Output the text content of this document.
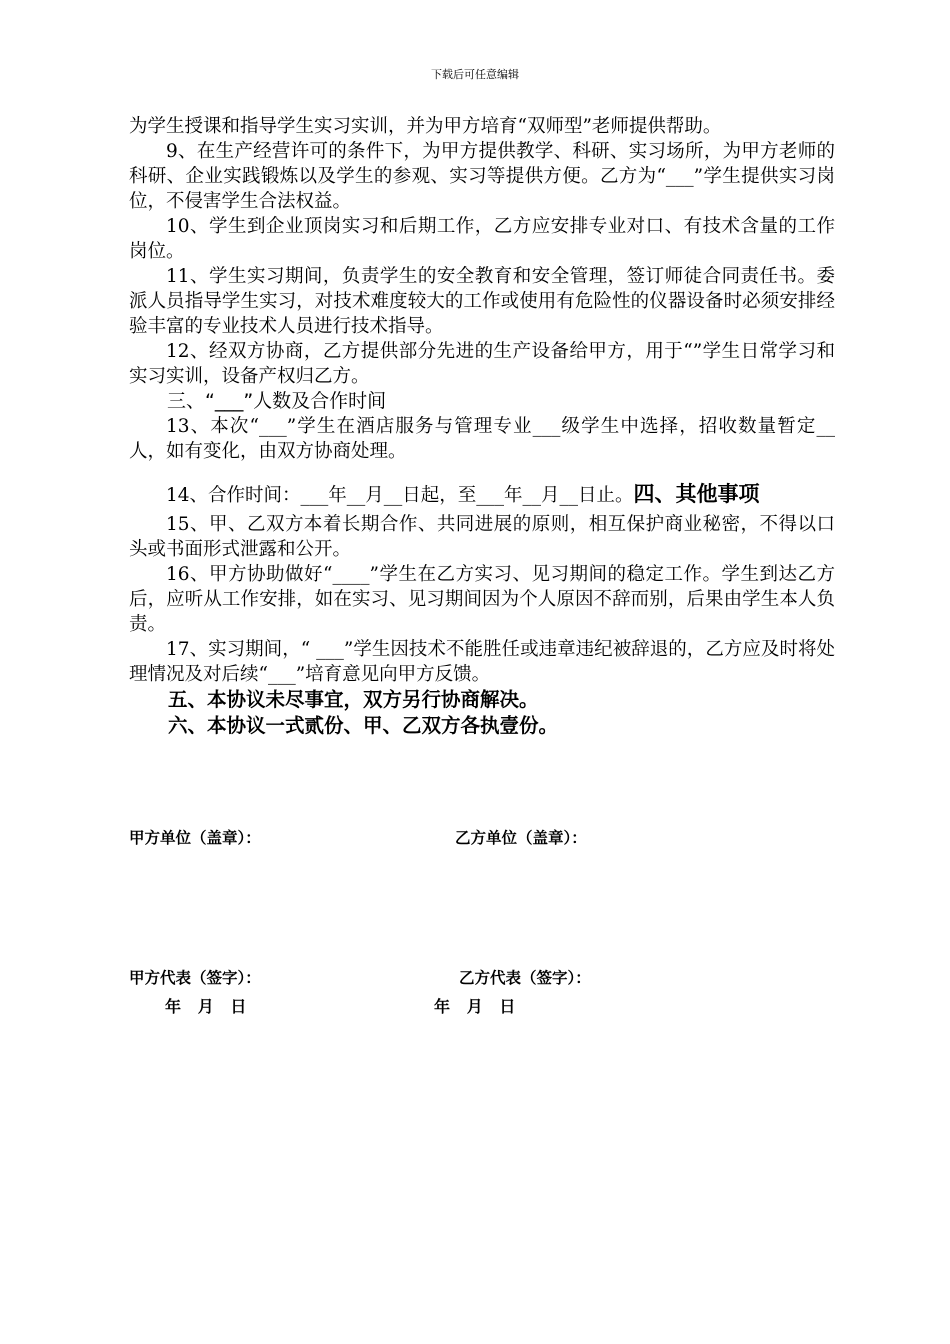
下载后可任意编辑

为学生授课和指导学生实习实训，并为甲方培育“双师型”老师提供帮助。

9、在生产经营许可的条件下，为甲方提供教学、科研、实习场所，为甲方老师的科研、企业实践锻炼以及学生的参观、实习等提供方便。乙方为“___”学生提供实习岗位，不侵害学生合法权益。

10、学生到企业顶岗实习和后期工作，乙方应安排专业对口、有技术含量的工作岗位。

11、学生实习期间，负责学生的安全教育和安全管理，签订师徒合同责任书。委派人员指导学生实习，对技术难度较大的工作或使用有危险性的仪器设备时必须安排经验丰富的专业技术人员进行技术指导。

12、经双方协商，乙方提供部分先进的生产设备给甲方，用于“”学生日常学习和实习实训，设备产权归乙方。

三、“___”人数及合作时间

13、本次“___”学生在酒店服务与管理专业___级学生中选择，招收数量暂定__人，如有变化，由双方协商处理。

14、合作时间：___年__月__日起，至___年__月__日止。四、其他事项

15、甲、乙双方本着长期合作、共同进展的原则，相互保护商业秘密，不得以口头或书面形式泄露和公开。

16、甲方协助做好“____”学生在乙方实习、见习期间的稳定工作。学生到达乙方后，应听从工作安排，如在实习、见习期间因为个人原因不辞而别，后果由学生本人负责。

17、实习期间，“ ___”学生因技术不能胜任或违章违纪被辞退的，乙方应及时将处理情况及对后续“___”培育意见向甲方反馈。

五、本协议未尽事宜，双方另行协商解决。

六、本协议一式贰份、甲、乙双方各执壹份。

甲方单位（盖章）：	乙方单位（盖章）：
甲方代表（签字）：	乙方代表（签字）：
年   月   日	年   月   日
